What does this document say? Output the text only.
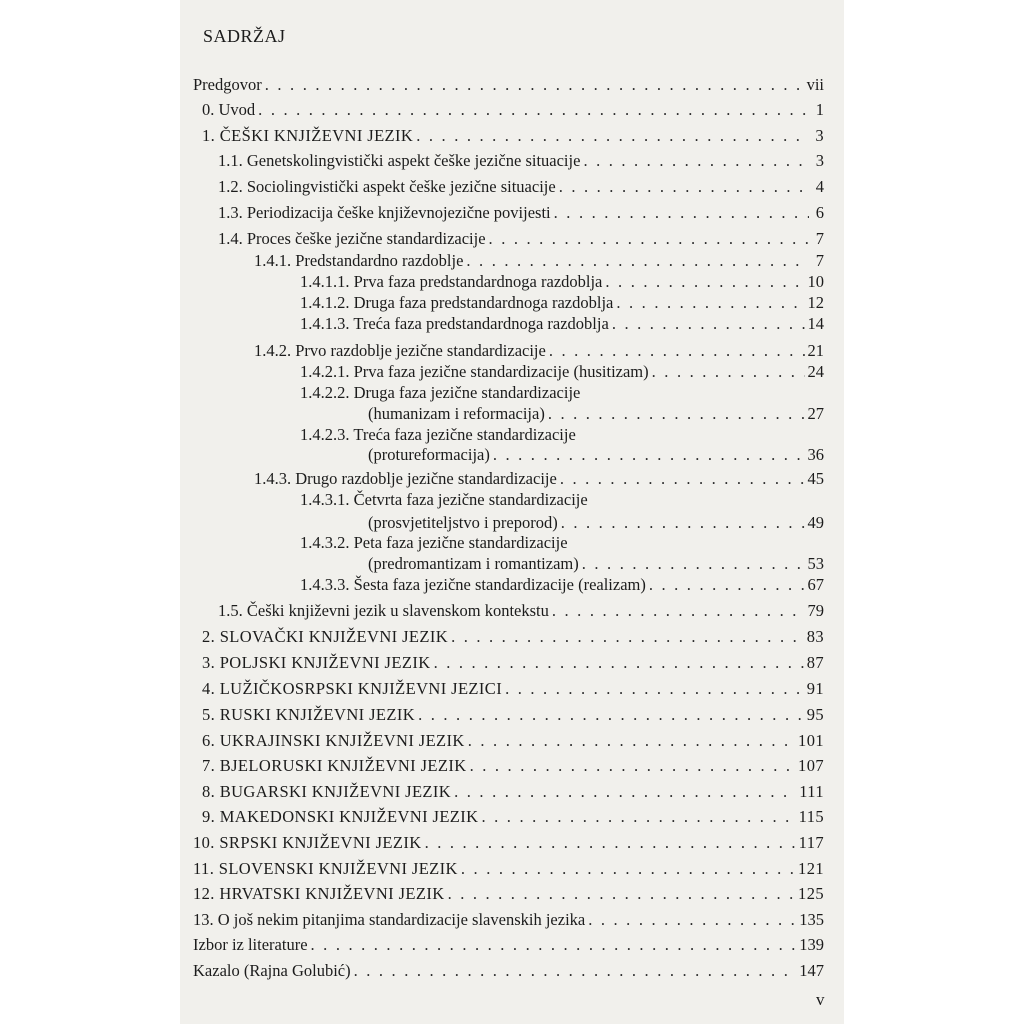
SADRŽAJ
Predgovor . . .	vii
0. Uvod . . .	1
1. ČEŠKI KNJIŽEVNI JEZIK . . .	3
1.1. Genetskolingvistički aspekt češke jezične situacije . . .	3
1.2. Sociolingvistički aspekt češke jezične situacije . . .	4
1.3. Periodizacija češke književnojezične povijesti . . .	6
1.4. Proces češke jezične standardizacije . . .	7
1.4.1. Predstandardno razdoblje . . .	7
1.4.1.1. Prva faza predstandardnoga razdoblja . . .	10
1.4.1.2. Druga faza predstandardnoga razdoblja . . .	12
1.4.1.3. Treća faza predstandardnoga razdoblja . . .	14
1.4.2. Prvo razdoblje jezične standardizacije . . .	21
1.4.2.1. Prva faza jezične standardizacije (husitizam) . . .	24
1.4.2.2. Druga faza jezične standardizacije
(humanizam i reformacija) . . .	27
1.4.2.3. Treća faza jezične standardizacije
(protureformacija) . . .	36
1.4.3. Drugo razdoblje jezične standardizacije . . .	45
1.4.3.1. Četvrta faza jezične standardizacije
(prosvjetiteljstvo i preporod) . . .	49
1.4.3.2. Peta faza jezične standardizacije
(predromantizam i romantizam) . . .	53
1.4.3.3. Šesta faza jezične standardizacije (realizam) . . .	67
1.5. Češki književni jezik u slavenskom kontekstu . . .	79
2. SLOVAČKI KNJIŽEVNI JEZIK . . .	83
3. POLJSKI KNJIŽEVNI JEZIK . . .	87
4. LUŽIČKOSRPSKI KNJIŽEVNI JEZICI . . .	91
5. RUSKI KNJIŽEVNI JEZIK . . .	95
6. UKRAJINSKI KNJIŽEVNI JEZIK . . .	101
7. BJELORUSKI KNJIŽEVNI JEZIK . . .	107
8. BUGARSKI KNJIŽEVNI JEZIK . . .	111
9. MAKEDONSKI KNJIŽEVNI JEZIK . . .	115
10. SRPSKI KNJIŽEVNI JEZIK . . .	117
11. SLOVENSKI KNJIŽEVNI JEZIK . . .	121
12. HRVATSKI KNJIŽEVNI JEZIK . . .	125
13. O još nekim pitanjima standardizacije slavenskih jezika . . .	135
Izbor iz literature . . .	139
Kazalo (Rajna Golubić) . . .	147
v
